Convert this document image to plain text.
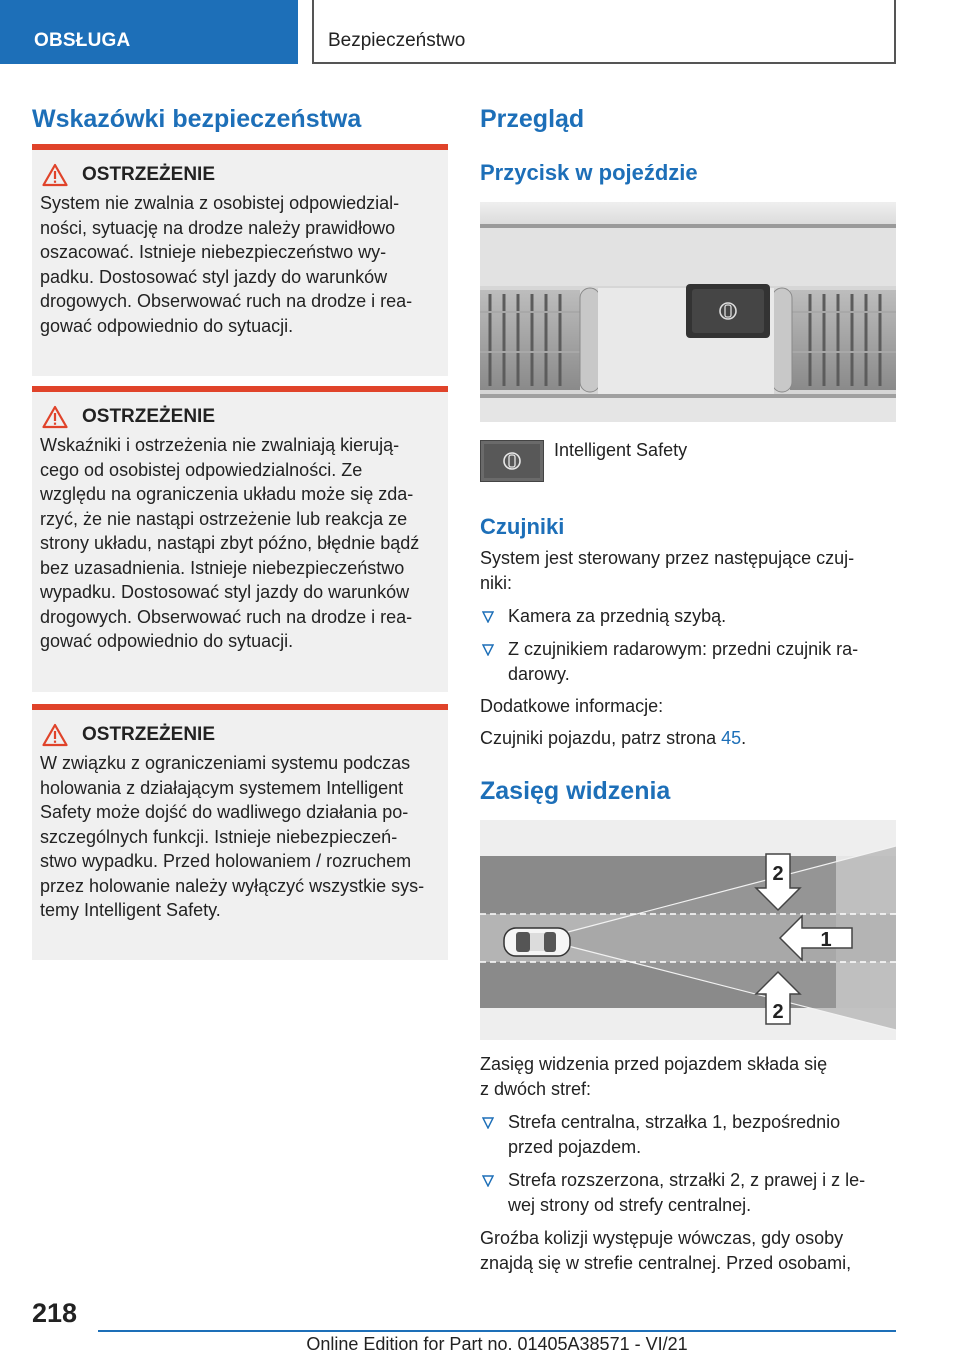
OBSŁUGA	Bezpieczeństwo
Wskazówki bezpieczeństwa
OSTRZEŻENIE
System nie zwalnia z osobistej odpowiedzial-
ności, sytuację na drodze należy prawidłowo
oszacować. Istnieje niebezpieczeństwo wy-
padku. Dostosować styl jazdy do warunków
drogowych. Obserwować ruch na drodze i rea-
gować odpowiednio do sytuacji.
OSTRZEŻENIE
Wskaźniki i ostrzeżenia nie zwalniają kierują-
cego od osobistej odpowiedzialności. Ze
względu na ograniczenia układu może się zda-
rzyć, że nie nastąpi ostrzeżenie lub reakcja ze
strony układu, nastąpi zbyt późno, błędnie bądź
bez uzasadnienia. Istnieje niebezpieczeństwo
wypadku. Dostosować styl jazdy do warunków
drogowych. Obserwować ruch na drodze i rea-
gować odpowiednio do sytuacji.
OSTRZEŻENIE
W związku z ograniczeniami systemu podczas
holowania z działającym systemem Intelligent
Safety może dojść do wadliwego działania po-
szczególnych funkcji. Istnieje niebezpieczeń-
stwo wypadku. Przed holowaniem / rozruchem
przez holowanie należy wyłączyć wszystkie sys-
temy Intelligent Safety.
Przegląd
Przycisk w pojeździe
Intelligent Safety
Czujniki
System jest sterowany przez następujące czuj-
niki:
Kamera za przednią szybą.
Z czujnikiem radarowym: przedni czujnik ra-
darowy.
Dodatkowe informacje:
Czujniki pojazdu, patrz strona 45.
Zasięg widzenia
2
1
2
Zasięg widzenia przed pojazdem składa się
z dwóch stref:
Strefa centralna, strzałka 1, bezpośrednio
przed pojazdem.
Strefa rozszerzona, strzałki 2, z prawej i z le-
wej strony od strefy centralnej.
Groźba kolizji występuje wówczas, gdy osoby
znajdą się w strefie centralnej. Przed osobami,
218
Online Edition for Part no. 01405A38571 - VI/21
